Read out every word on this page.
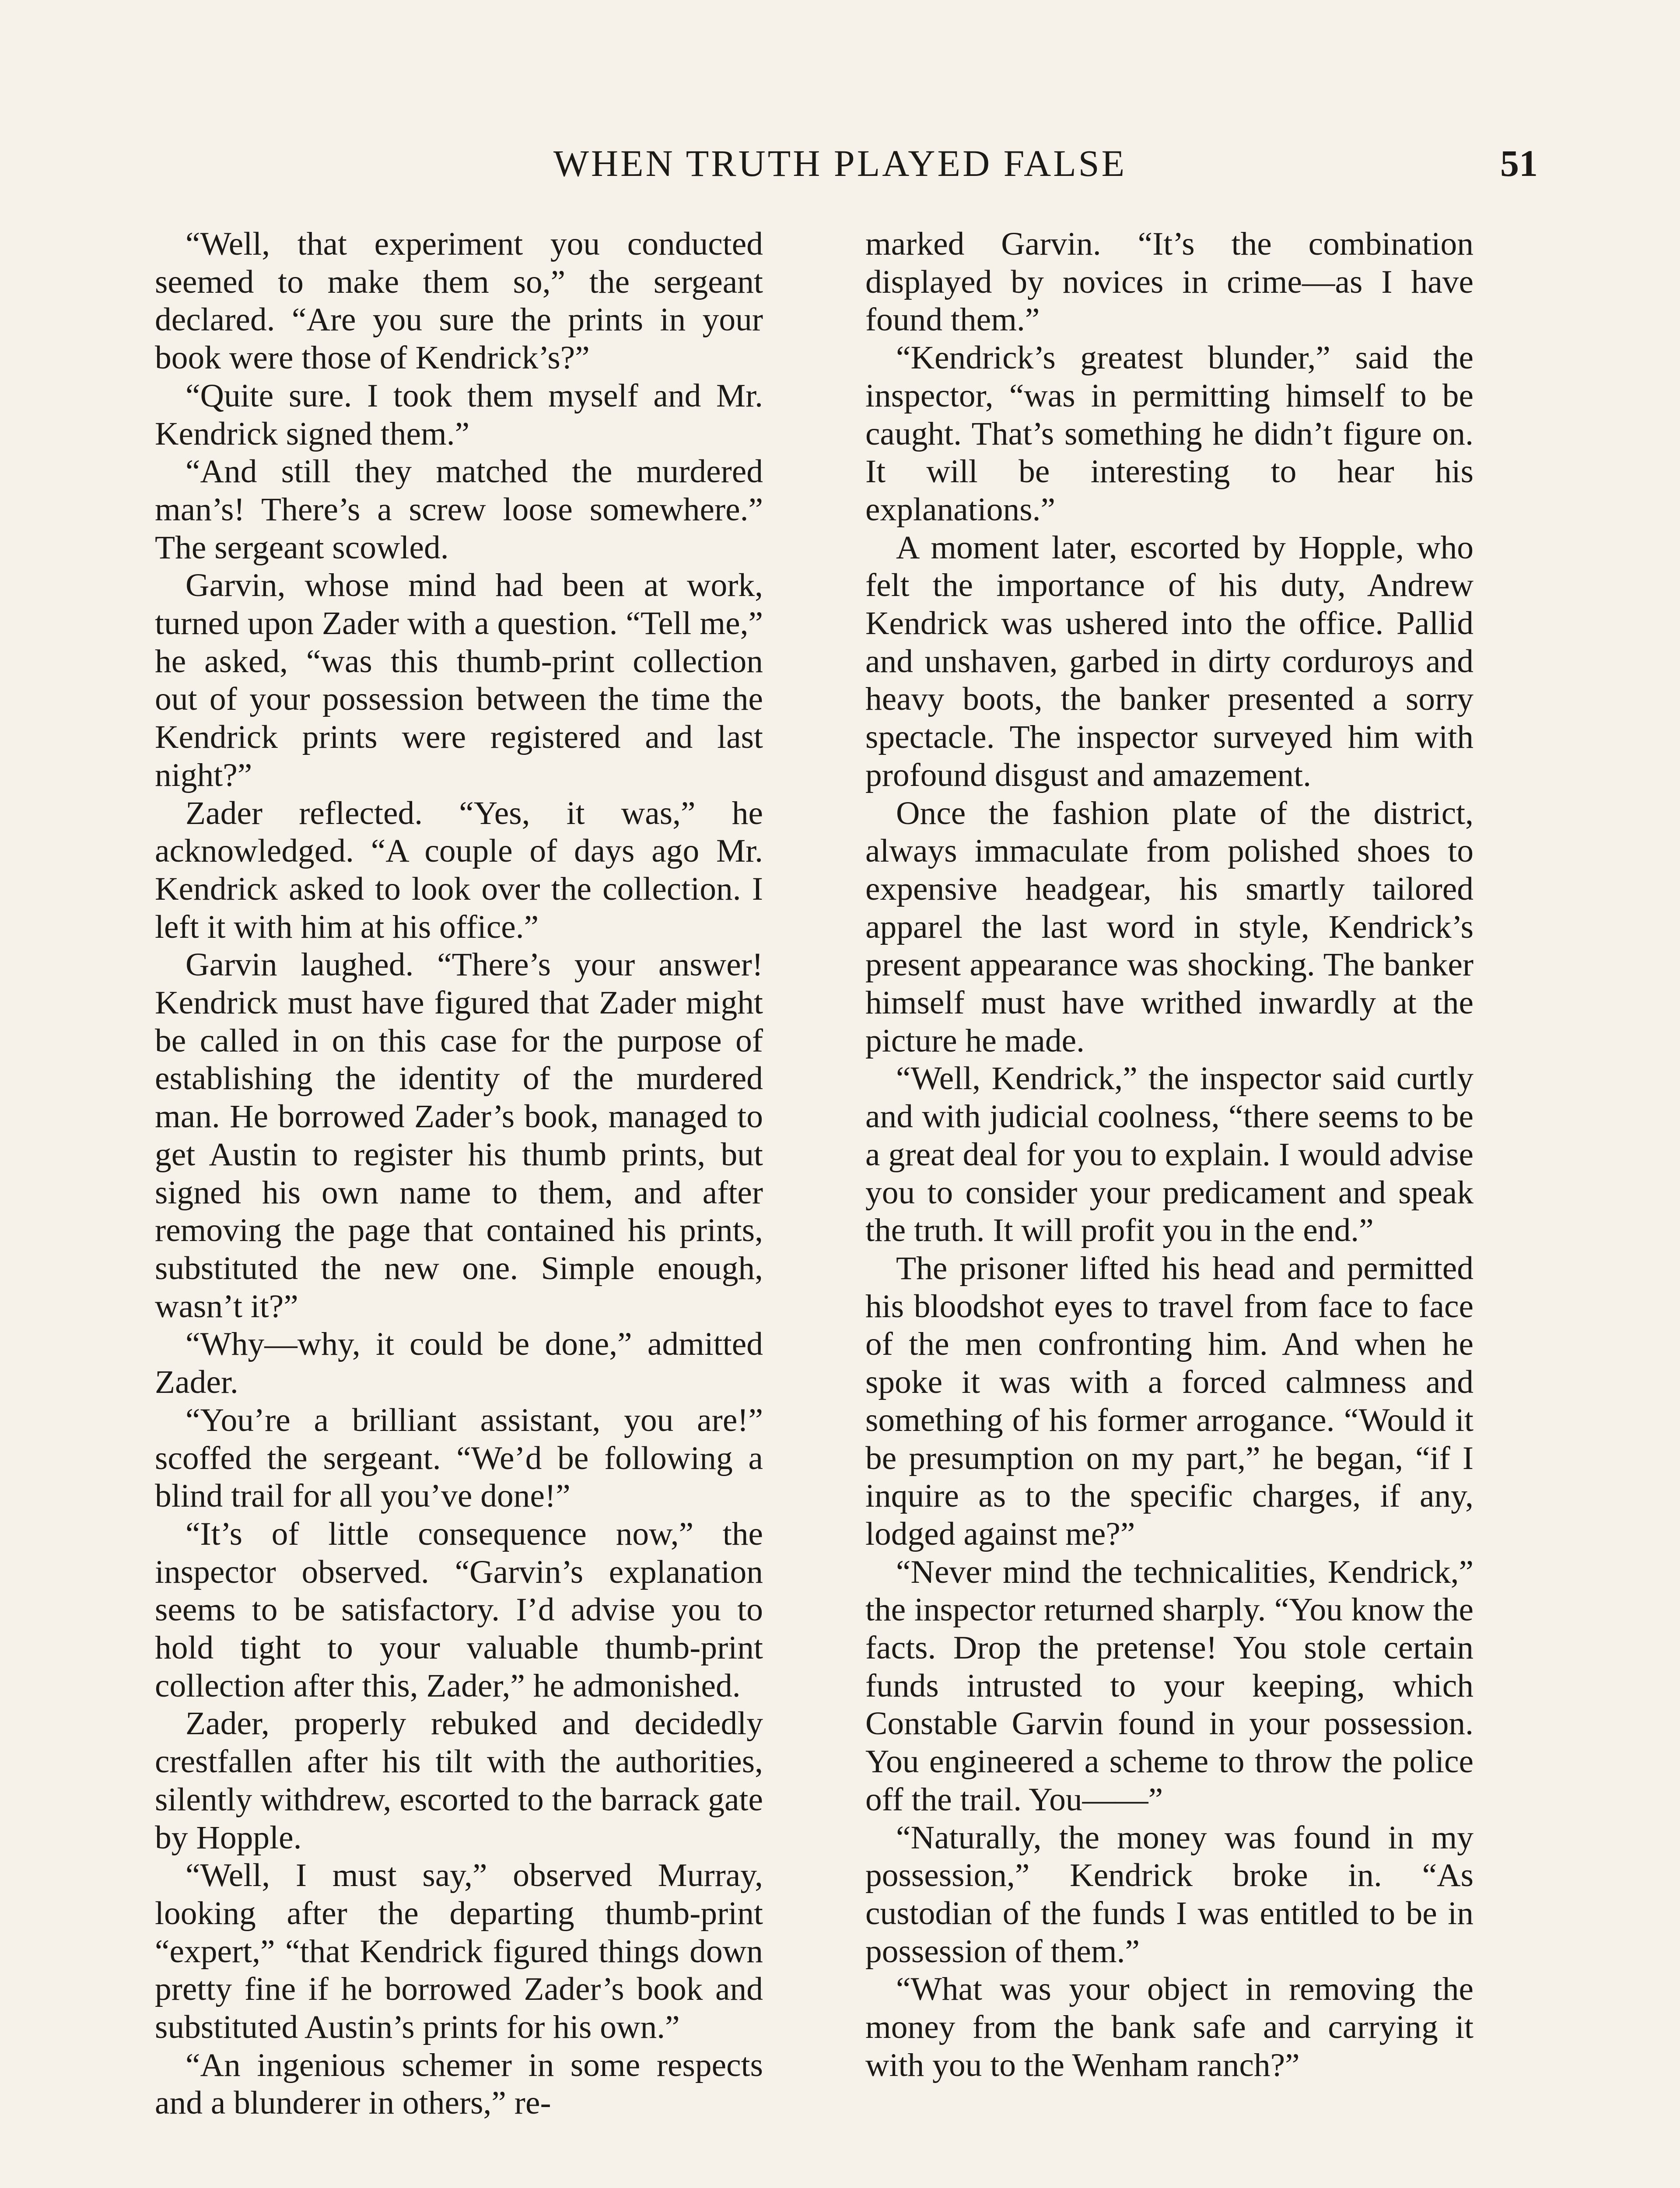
WHEN TRUTH PLAYED FALSE	51

“Well, that experiment you conducted seemed to make them so,” the sergeant declared. “Are you sure the prints in your book were those of Kendrick’s?”

“Quite sure. I took them myself and Mr. Kendrick signed them.”

“And still they matched the murdered man’s! There’s a screw loose somewhere.” The sergeant scowled.

Garvin, whose mind had been at work, turned upon Zader with a question. “Tell me,” he asked, “was this thumb-print collection out of your possession between the time the Kendrick prints were registered and last night?”

Zader reflected. “Yes, it was,” he acknowledged. “A couple of days ago Mr. Kendrick asked to look over the collection. I left it with him at his office.”

Garvin laughed. “There’s your answer! Kendrick must have figured that Zader might be called in on this case for the purpose of establishing the identity of the murdered man. He borrowed Zader’s book, managed to get Austin to register his thumb prints, but signed his own name to them, and after removing the page that contained his prints, substituted the new one. Simple enough, wasn’t it?”

“Why—why, it could be done,” admitted Zader.

“You’re a brilliant assistant, you are!” scoffed the sergeant. “We’d be following a blind trail for all you’ve done!”

“It’s of little consequence now,” the inspector observed. “Garvin’s explanation seems to be satisfactory. I’d advise you to hold tight to your valuable thumb-print collection after this, Zader,” he admonished.

Zader, properly rebuked and decidedly crestfallen after his tilt with the authorities, silently withdrew, escorted to the barrack gate by Hopple.

“Well, I must say,” observed Murray, looking after the departing thumb-print “expert,” “that Kendrick figured things down pretty fine if he borrowed Zader’s book and substituted Austin’s prints for his own.”

“An ingenious schemer in some respects and a blunderer in others,” re-

marked Garvin. “It’s the combination displayed by novices in crime—as I have found them.”

“Kendrick’s greatest blunder,” said the inspector, “was in permitting himself to be caught. That’s something he didn’t figure on. It will be interesting to hear his explanations.”

A moment later, escorted by Hopple, who felt the importance of his duty, Andrew Kendrick was ushered into the office. Pallid and unshaven, garbed in dirty corduroys and heavy boots, the banker presented a sorry spectacle. The inspector surveyed him with profound disgust and amazement.

Once the fashion plate of the district, always immaculate from polished shoes to expensive headgear, his smartly tailored apparel the last word in style, Kendrick’s present appearance was shocking. The banker himself must have writhed inwardly at the picture he made.

“Well, Kendrick,” the inspector said curtly and with judicial coolness, “there seems to be a great deal for you to explain. I would advise you to consider your predicament and speak the truth. It will profit you in the end.”

The prisoner lifted his head and permitted his bloodshot eyes to travel from face to face of the men confronting him. And when he spoke it was with a forced calmness and something of his former arrogance. “Would it be presumption on my part,” he began, “if I inquire as to the specific charges, if any, lodged against me?”

“Never mind the technicalities, Kendrick,” the inspector returned sharply. “You know the facts. Drop the pretense! You stole certain funds intrusted to your keeping, which Constable Garvin found in your possession. You engineered a scheme to throw the police off the trail. You——”

“Naturally, the money was found in my possession,” Kendrick broke in. “As custodian of the funds I was entitled to be in possession of them.”

“What was your object in removing the money from the bank safe and carrying it with you to the Wenham ranch?”
